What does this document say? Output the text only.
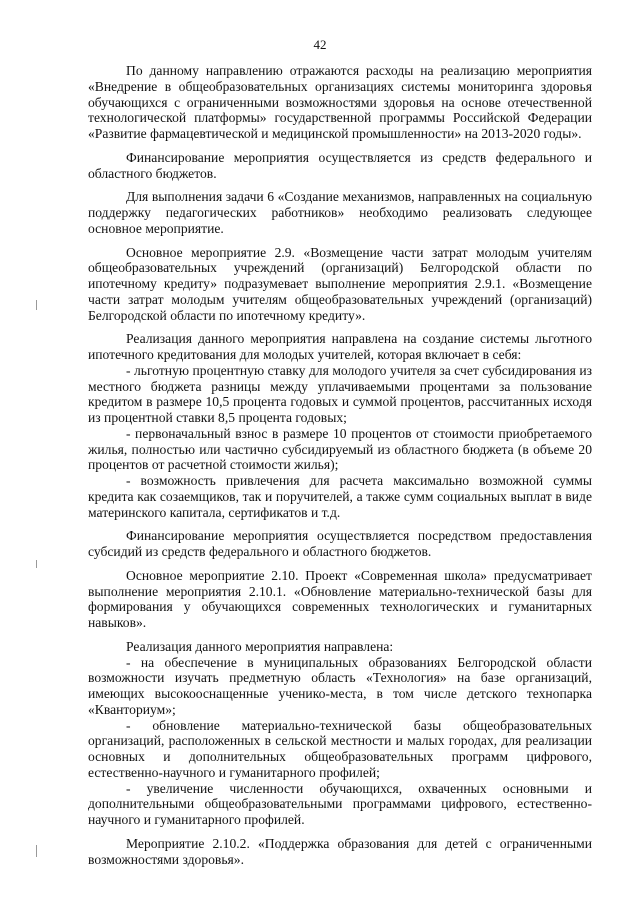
42

По данному направлению отражаются расходы на реализацию мероприятия «Внедрение в общеобразовательных организациях системы мониторинга здоровья обучающихся с ограниченными возможностями здоровья на основе отечественной технологической платформы» государственной программы Российской Федерации «Развитие фармацевтической и медицинской промышленности» на 2013-2020 годы».

Финансирование мероприятия осуществляется из средств федерального и областного бюджетов.

Для выполнения задачи 6 «Создание механизмов, направленных на социальную поддержку педагогических работников» необходимо реализовать следующее основное мероприятие.

Основное мероприятие 2.9. «Возмещение части затрат молодым учителям общеобразовательных учреждений (организаций) Белгородской области по ипотечному кредиту» подразумевает выполнение мероприятия 2.9.1. «Возмещение части затрат молодым учителям общеобразовательных учреждений (организаций) Белгородской области по ипотечному кредиту».

Реализация данного мероприятия направлена на создание системы льготного ипотечного кредитования для молодых учителей, которая включает в себя:

- льготную процентную ставку для молодого учителя за счет субсидирования из местного бюджета разницы между уплачиваемыми процентами за пользование кредитом в размере 10,5 процента годовых и суммой процентов, рассчитанных исходя из процентной ставки 8,5 процента годовых;

- первоначальный взнос в размере 10 процентов от стоимости приобретаемого жилья, полностью или частично субсидируемый из областного бюджета (в объеме 20 процентов от расчетной стоимости жилья);

- возможность привлечения для расчета максимально возможной суммы кредита как созаемщиков, так и поручителей, а также сумм социальных выплат в виде материнского капитала, сертификатов и т.д.

Финансирование мероприятия осуществляется посредством предоставления субсидий из средств федерального и областного бюджетов.

Основное мероприятие 2.10. Проект «Современная школа» предусматривает выполнение мероприятия 2.10.1. «Обновление материально-технической базы для формирования у обучающихся современных технологических и гуманитарных навыков».

Реализация данного мероприятия направлена:

- на обеспечение в муниципальных образованиях Белгородской области возможности изучать предметную область «Технология» на базе организаций, имеющих высокооснащенные ученико-места, в том числе детского технопарка «Кванториум»;

- обновление материально-технической базы общеобразовательных организаций, расположенных в сельской местности и малых городах, для реализации основных и дополнительных общеобразовательных программ цифрового, естественно-научного и гуманитарного профилей;

- увеличение численности обучающихся, охваченных основными и дополнительными общеобразовательными программами цифрового, естественно-научного и гуманитарного профилей.

Мероприятие 2.10.2. «Поддержка образования для детей с ограниченными возможностями здоровья».
